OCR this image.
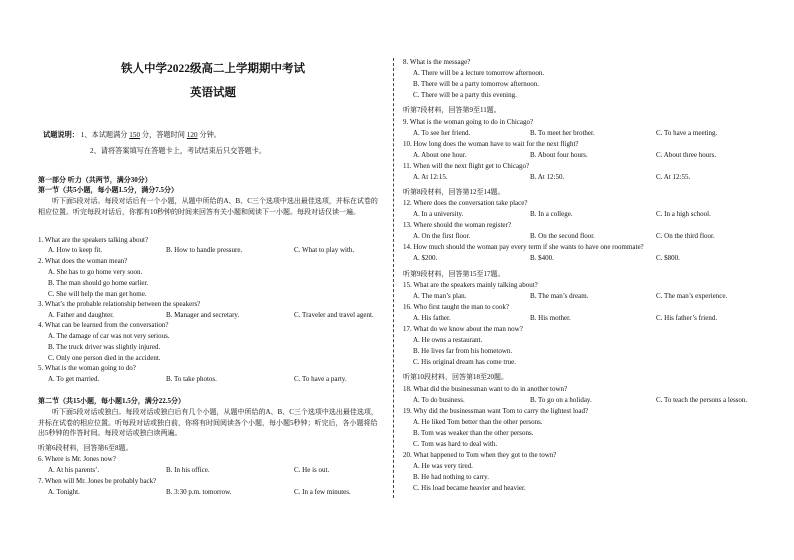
铁人中学2022级高二上学期期中考试
英语试题
试题说明： 1、本试题满分 150 分，答题时间 120 分钟。
2、请将答案填写在答题卡上，考试结束后只交答题卡。
第一部分 听力（共两节，满分30分）
第一节（共5小题，每小题1.5分，满分7.5分）
听下面5段对话。每段对话后有一个小题，从题中所给的A、B、C三个选项中选出最佳选项，并标在试卷的相应位置。听完每段对话后，你都有10秒钟的时间来回答有关小题和阅读下一小题。每段对话仅读一遍。
1. What are the speakers talking about?
A. How to keep fit.	B. How to handle pressure.	C. What to play with.
2. What does the woman mean?
A. She has to go home very soon.
B. The man should go home earlier.
C. She will help the man get home.
3. What’s the probable relationship between the speakers?
A. Father and daughter.	B. Manager and secretary.	C. Traveler and travel agent.
4. What can be learned from the conversation?
A. The damage of car was not very serious.
B. The truck driver was slightly injured.
C. Only one person died in the accident.
5. What is the woman going to do?
A. To get married.	B. To take photos.	C. To have a party.
第二节（共15小题，每小题1.5分，满分22.5分）
听下面5段对话或独白。每段对话或独白后有几个小题，从题中所给的A、B、C三个选项中选出最佳选项，并标在试卷的相应位置。听每段对话或独白前，你将有时间阅读各个小题，每小题5秒钟；听完后，各小题将给出5秒钟的作答时间。每段对话或独白读两遍。
听第6段材料，回答第6至8题。
6. Where is Mr. Jones now?
A. At his parents’.	B. In his office.	C. He is out.
7. When will Mr. Jones be probably back?
A. Tonight.	B. 3:30 p.m. tomorrow.	C. In a few minutes.
8. What is the message?
A. There will be a lecture tomorrow afternoon.
B. There will be a party tomorrow afternoon.
C. There will be a party this evening.
听第7段材料，回答第9至11题。
9. What is the woman going to do in Chicago?
A. To see her friend.	B. To meet her brother.	C. To have a meeting.
10. How long does the woman have to wait for the next flight?
A. About one hour.	B. About four hours.	C. About three hours.
11. When will the next flight get to Chicago?
A. At 12:15.	B. At 12:50.	C. At 12:55.
听第8段材料，回答第12至14题。
12. Where does the conversation take place?
A. In a university.	B. In a college.	C. In a high school.
13. Where should the woman register?
A. On the first floor.	B. On the second floor.	C. On the third floor.
14. How much should the woman pay every term if she wants to have one roommate?
A. $200.	B. $400.	C. $800.
听第9段材料，回答第15至17题。
15. What are the speakers mainly talking about?
A. The man’s plan.	B. The man’s dream.	C. The man’s experience.
16. Who first taught the man to cook?
A. His father.	B. His mother.	C. His father’s friend.
17. What do we know about the man now?
A. He owns a restaurant.
B. He lives far from his hometown.
C. His original dream has come true.
听第10段材料，回答第18至20题。
18. What did the businessman want to do in another town?
A. To do business.	B. To go on a holiday.	C. To teach the persons a lesson.
19. Why did the businessman want Tom to carry the lightest load?
A. He liked Tom better than the other persons.
B. Tom was weaker than the other persons.
C. Tom was hard to deal with.
20. What happened to Tom when they got to the town?
A. He was very tired.
B. He had nothing to carry.
C. His load became heavier and heavier.
